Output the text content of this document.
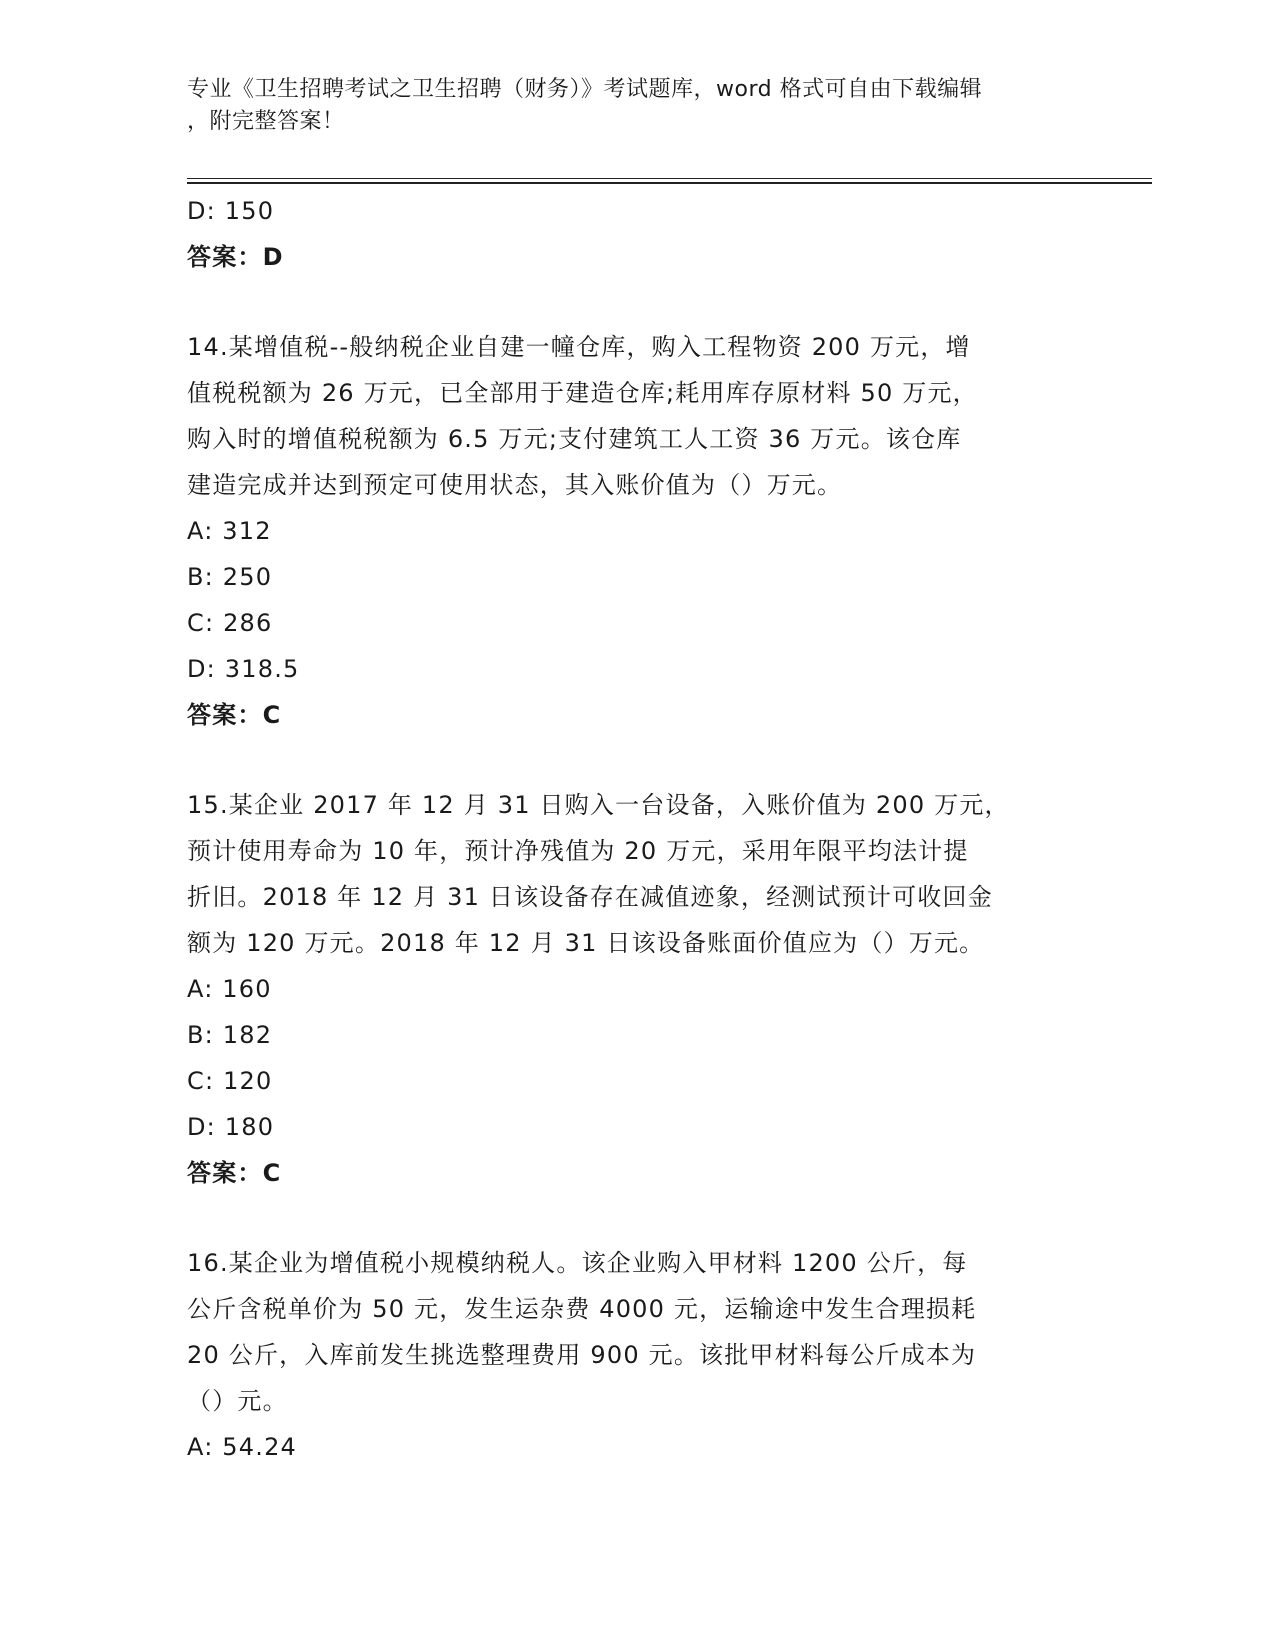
专业《卫生招聘考试之卫生招聘（财务）》考试题库，word 格式可自由下载编辑
，附完整答案！
D: 150
答案：D
14.某增值税--般纳税企业自建一幢仓库，购入工程物资 200 万元，增
值税税额为 26 万元，已全部用于建造仓库;耗用库存原材料 50 万元，
购入时的增值税税额为 6.5 万元;支付建筑工人工资 36 万元。该仓库
建造完成并达到预定可使用状态，其入账价值为（）万元。
A: 312
B: 250
C: 286
D: 318.5
答案：C
15.某企业 2017 年 12 月 31 日购入一台设备，入账价值为 200 万元，
预计使用寿命为 10 年，预计净残值为 20 万元，采用年限平均法计提
折旧。2018 年 12 月 31 日该设备存在减值迹象，经测试预计可收回金
额为 120 万元。2018 年 12 月 31 日该设备账面价值应为（）万元。
A: 160
B: 182
C: 120
D: 180
答案：C
16.某企业为增值税小规模纳税人。该企业购入甲材料 1200 公斤，每
公斤含税单价为 50 元，发生运杂费 4000 元，运输途中发生合理损耗
20 公斤，入库前发生挑选整理费用 900 元。该批甲材料每公斤成本为
（）元。
A: 54.24
